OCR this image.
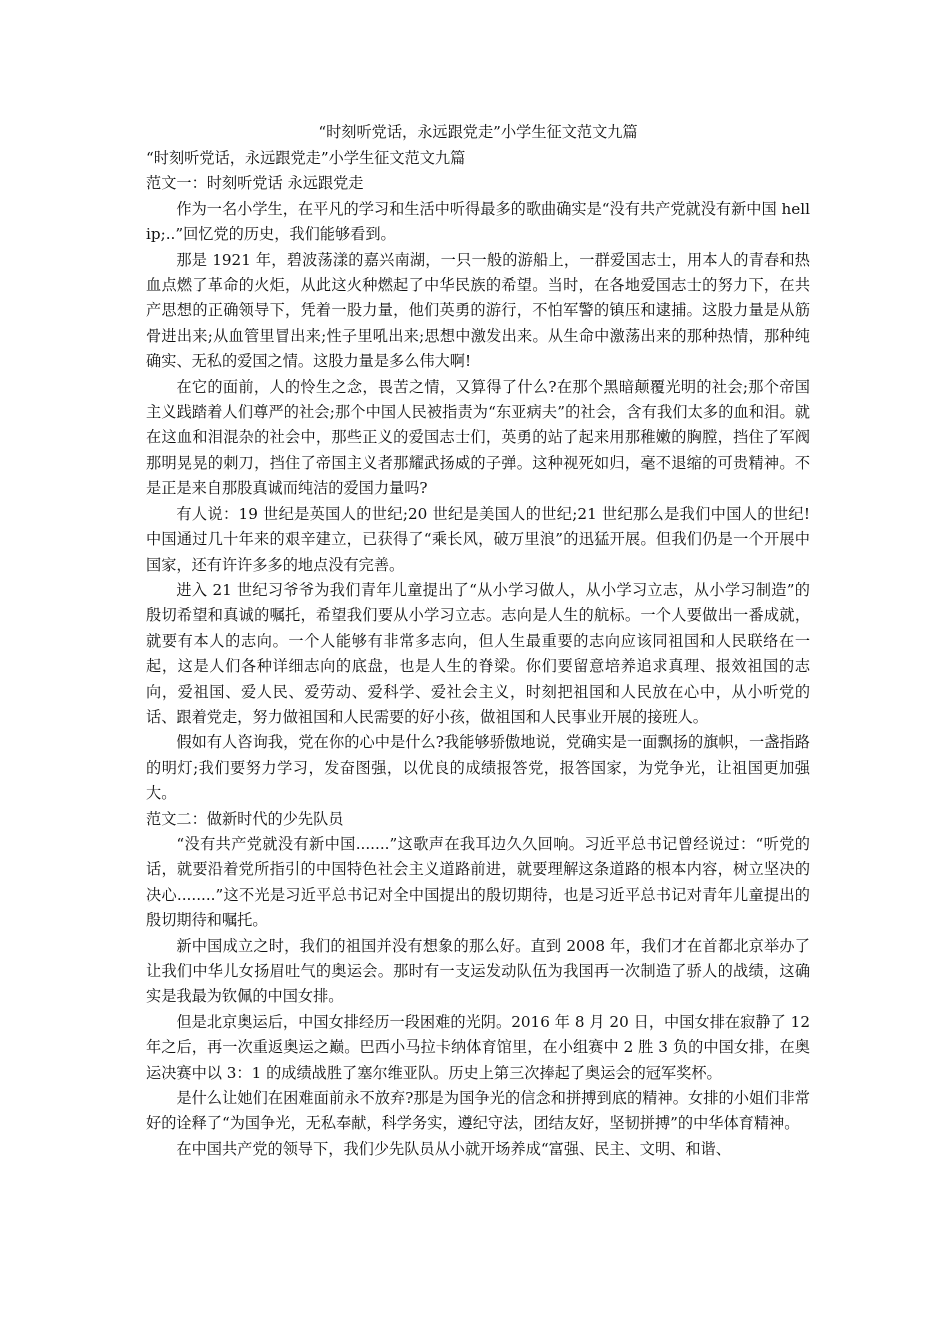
“时刻听党话，永远跟党走”小学生征文范文九篇

“时刻听党话，永远跟党走”小学生征文范文九篇

范文一：时刻听党话 永远跟党走

作为一名小学生，在平凡的学习和生活中听得最多的歌曲确实是“没有共产党就没有新中国 hellip;..”回忆党的历史，我们能够看到。

那是 1921 年，碧波荡漾的嘉兴南湖，一只一般的游船上，一群爱国志士，用本人的青春和热血点燃了革命的火炬，从此这火种燃起了中华民族的希望。当时，在各地爱国志士的努力下，在共产思想的正确领导下，凭着一股力量，他们英勇的游行，不怕军警的镇压和逮捕。这股力量是从筋骨进出来;从血管里冒出来;性子里吼出来;思想中激发出来。从生命中激荡出来的那种热情，那种纯确实、无私的爱国之情。这股力量是多么伟大啊!

在它的面前，人的怜生之念，畏苦之情，又算得了什么?在那个黑暗颠覆光明的社会;那个帝国主义践踏着人们尊严的社会;那个中国人民被指责为“东亚病夫”的社会，含有我们太多的血和泪。就在这血和泪混杂的社会中，那些正义的爱国志士们，英勇的站了起来用那稚嫩的胸膛，挡住了军阀那明晃晃的刺刀，挡住了帝国主义者那耀武扬威的子弹。这种视死如归，毫不退缩的可贵精神。不是正是来自那股真诚而纯洁的爱国力量吗?

有人说：19 世纪是英国人的世纪;20 世纪是美国人的世纪;21 世纪那么是我们中国人的世纪!中国通过几十年来的艰辛建立，已获得了“乘长风，破万里浪”的迅猛开展。但我们仍是一个开展中国家，还有许许多多的地点没有完善。

进入 21 世纪习爷爷为我们青年儿童提出了“从小学习做人，从小学习立志，从小学习制造”的殷切希望和真诚的嘱托，希望我们要从小学习立志。志向是人生的航标。一个人要做出一番成就，就要有本人的志向。一个人能够有非常多志向，但人生最重要的志向应该同祖国和人民联络在一起，这是人们各种详细志向的底盘，也是人生的脊梁。你们要留意培养追求真理、报效祖国的志向，爱祖国、爱人民、爱劳动、爱科学、爱社会主义，时刻把祖国和人民放在心中，从小听党的话、跟着党走，努力做祖国和人民需要的好小孩，做祖国和人民事业开展的接班人。

假如有人咨询我，党在你的心中是什么?我能够骄傲地说，党确实是一面飘扬的旗帜，一盏指路的明灯;我们要努力学习，发奋图强，以优良的成绩报答党，报答国家，为党争光，让祖国更加强大。

范文二：做新时代的少先队员

“没有共产党就没有新中国.......”这歌声在我耳边久久回响。习近平总书记曾经说过：“听党的话，就要沿着党所指引的中国特色社会主义道路前进，就要理解这条道路的根本内容，树立坚决的决心........”这不光是习近平总书记对全中国提出的殷切期待，也是习近平总书记对青年儿童提出的殷切期待和嘱托。

新中国成立之时，我们的祖国并没有想象的那么好。直到 2008 年，我们才在首都北京举办了让我们中华儿女扬眉吐气的奥运会。那时有一支运发动队伍为我国再一次制造了骄人的战绩，这确实是我最为钦佩的中国女排。

但是北京奥运后，中国女排经历一段困难的光阴。2016 年 8 月 20 日，中国女排在寂静了 12 年之后，再一次重返奥运之巅。巴西小马拉卡纳体育馆里，在小组赛中 2 胜 3 负的中国女排，在奥运决赛中以 3：1 的成绩战胜了塞尔维亚队。历史上第三次捧起了奥运会的冠军奖杯。

是什么让她们在困难面前永不放弃?那是为国争光的信念和拼搏到底的精神。女排的小姐们非常好的诠释了“为国争光，无私奉献，科学务实，遵纪守法，团结友好，坚韧拼搏”的中华体育精神。

在中国共产党的领导下，我们少先队员从小就开场养成“富强、民主、文明、和谐、
